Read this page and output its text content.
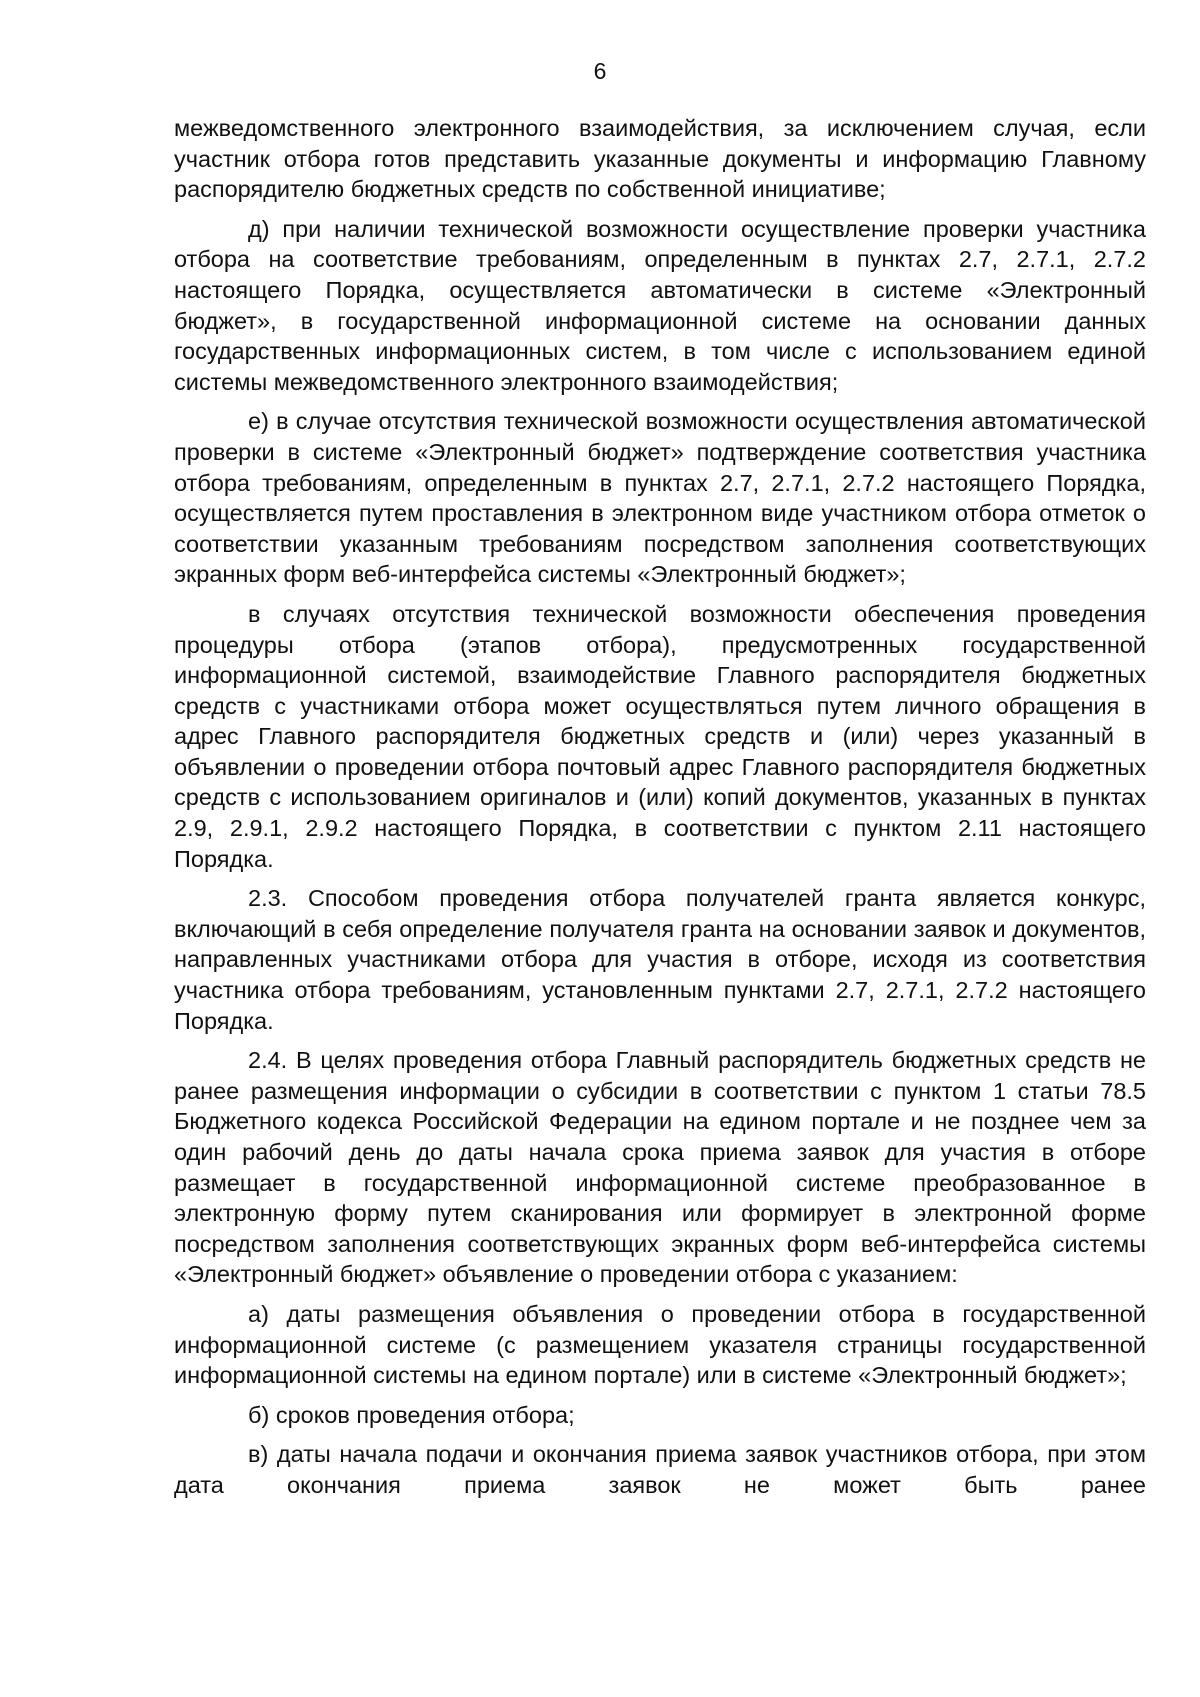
6

межведомственного электронного взаимодействия, за исключением случая, если участник отбора готов представить указанные документы и информацию Главному распорядителю бюджетных средств по собственной инициативе;

д) при наличии технической возможности осуществление проверки участника отбора на соответствие требованиям, определенным в пунктах 2.7, 2.7.1, 2.7.2 настоящего Порядка, осуществляется автоматически в системе «Электронный бюджет», в государственной информационной системе на основании данных государственных информационных систем, в том числе с использованием единой системы межведомственного электронного взаимодействия;

е) в случае отсутствия технической возможности осуществления автоматической проверки в системе «Электронный бюджет» подтверждение соответствия участника отбора требованиям, определенным в пунктах 2.7, 2.7.1, 2.7.2 настоящего Порядка, осуществляется путем проставления в электронном виде участником отбора отметок о соответствии указанным требованиям посредством заполнения соответствующих экранных форм веб-интерфейса системы «Электронный бюджет»;

в случаях отсутствия технической возможности обеспечения проведения процедуры отбора (этапов отбора), предусмотренных государственной информационной системой, взаимодействие Главного распорядителя бюджетных средств с участниками отбора может осуществляться путем личного обращения в адрес Главного распорядителя бюджетных средств и (или) через указанный в объявлении о проведении отбора почтовый адрес Главного распорядителя бюджетных средств с использованием оригиналов и (или) копий документов, указанных в пунктах 2.9, 2.9.1, 2.9.2 настоящего Порядка, в соответствии с пунктом 2.11 настоящего Порядка.

2.3. Способом проведения отбора получателей гранта является конкурс, включающий в себя определение получателя гранта на основании заявок и документов, направленных участниками отбора для участия в отборе, исходя из соответствия участника отбора требованиям, установленным пунктами 2.7, 2.7.1, 2.7.2 настоящего Порядка.

2.4. В целях проведения отбора Главный распорядитель бюджетных средств не ранее размещения информации о субсидии в соответствии с пунктом 1 статьи 78.5 Бюджетного кодекса Российской Федерации на едином портале и не позднее чем за один рабочий день до даты начала срока приема заявок для участия в отборе размещает в государственной информационной системе преобразованное в электронную форму путем сканирования или формирует в электронной форме посредством заполнения соответствующих экранных форм веб-интерфейса системы «Электронный бюджет» объявление о проведении отбора с указанием:

а) даты размещения объявления о проведении отбора в государственной информационной системе (с размещением указателя страницы государственной информационной системы на едином портале) или в системе «Электронный бюджет»;

б) сроков проведения отбора;

в) даты начала подачи и окончания приема заявок участников отбора, при этом дата окончания приема заявок не может быть ранее
